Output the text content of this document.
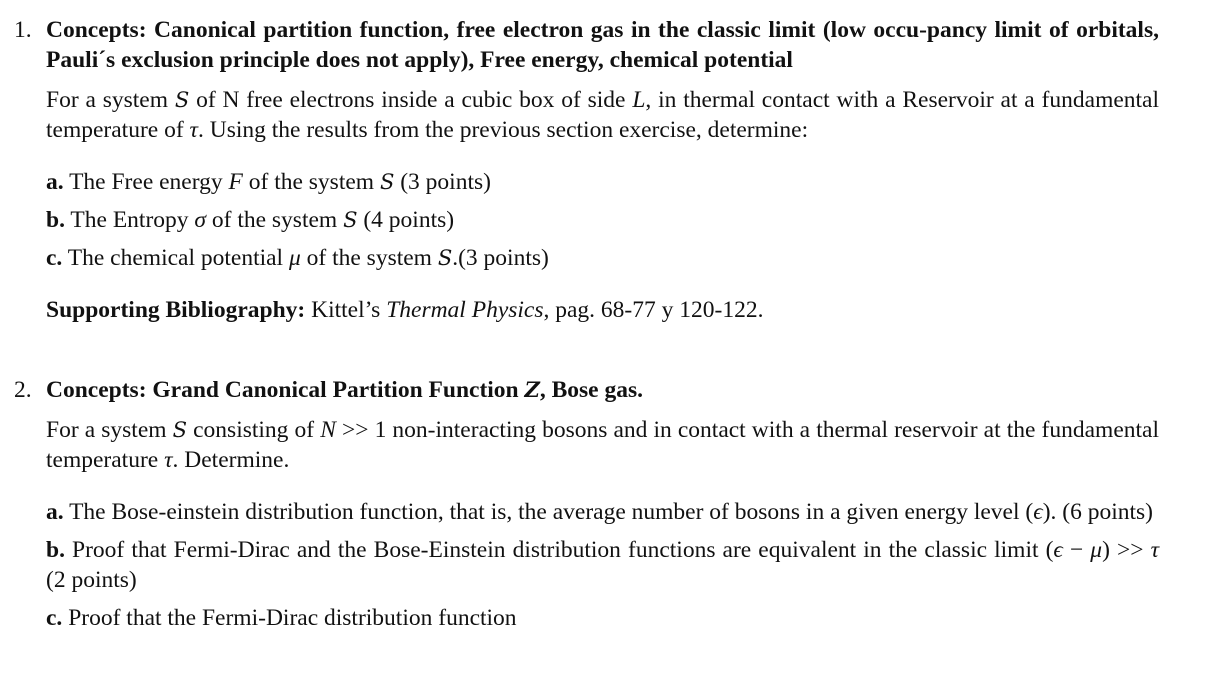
1. Concepts: Canonical partition function, free electron gas in the classic limit (low occu-pancy limit of orbitals, Pauli´s exclusion principle does not apply), Free energy, chemical potential
For a system S of N free electrons inside a cubic box of side L, in thermal contact with a Reservoir at a fundamental temperature of τ. Using the results from the previous section exercise, determine:
a. The Free energy F of the system S (3 points)
b. The Entropy σ of the system S (4 points)
c. The chemical potential μ of the system S.(3 points)
Supporting Bibliography: Kittel’s Thermal Physics, pag. 68-77 y 120-122.
2. Concepts: Grand Canonical Partition Function Z, Bose gas.
For a system S consisting of N >> 1 non-interacting bosons and in contact with a thermal reservoir at the fundamental temperature τ. Determine.
a. The Bose-einstein distribution function, that is, the average number of bosons in a given energy level (ϵ). (6 points)
b. Proof that Fermi-Dirac and the Bose-Einstein distribution functions are equivalent in the classic limit (ϵ − μ) >> τ (2 points)
c. Proof that the Fermi-Dirac distribution function
